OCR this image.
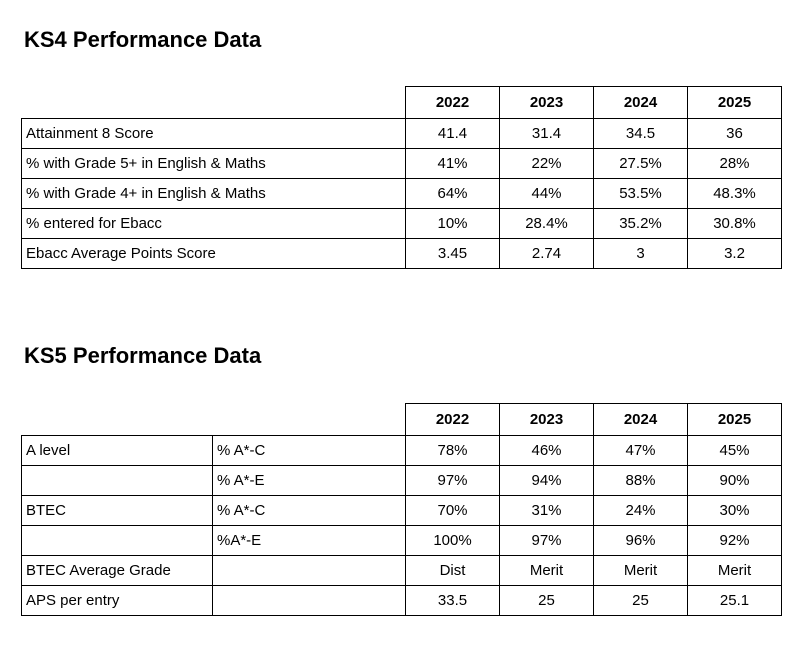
KS4 Performance Data
	2022	2023	2024	2025
Attainment 8 Score	41.4	31.4	34.5	36
% with Grade 5+ in English & Maths	41%	22%	27.5%	28%
% with Grade 4+ in English & Maths	64%	44%	53.5%	48.3%
% entered for Ebacc	10%	28.4%	35.2%	30.8%
Ebacc Average Points Score	3.45	2.74	3	3.2
KS5 Performance Data
		2022	2023	2024	2025
A level	% A*-C	78%	46%	47%	45%
	% A*-E	97%	94%	88%	90%
BTEC	% A*-C	70%	31%	24%	30%
	%A*-E	100%	97%	96%	92%
BTEC Average Grade		Dist	Merit	Merit	Merit
APS per entry		33.5	25	25	25.1
